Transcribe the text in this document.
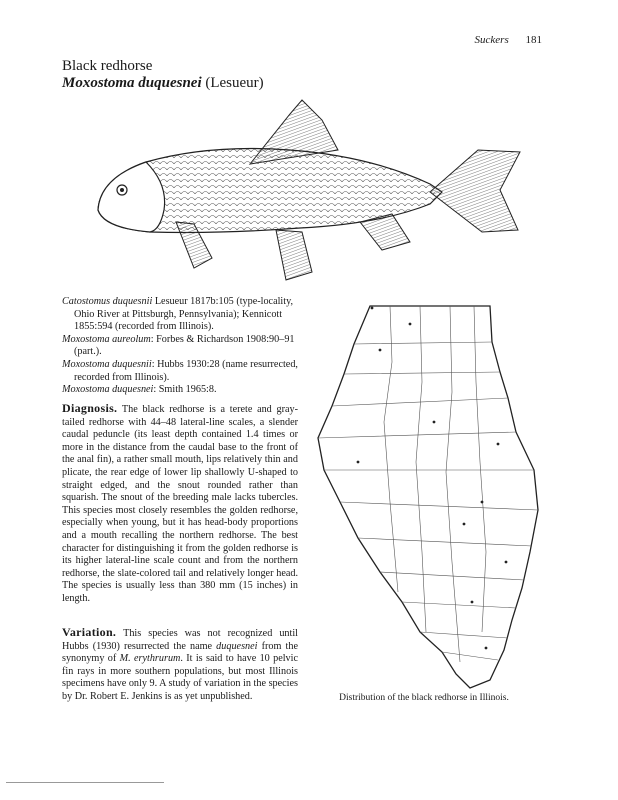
Suckers 181
Black redhorse
Moxostoma duquesnei (Lesueur)

Catostomus duquesnii Lesueur 1817b:105 (type-locality, Ohio River at Pittsburgh, Pennsylvania); Kennicott 1855:594 (recorded from Illinois).

Moxostoma aureolum: Forbes & Richardson 1908:90–91 (part.).

Moxostoma duquesnii: Hubbs 1930:28 (name resurrected, recorded from Illinois).

Moxostoma duquesnei: Smith 1965:8.

Diagnosis. The black redhorse is a terete and gray-tailed redhorse with 44–48 lateral-line scales, a slender caudal peduncle (its least depth contained 1.4 times or more in the distance from the caudal base to the front of the anal fin), a rather small mouth, lips relatively thin and plicate, the rear edge of lower lip shallowly U-shaped to straight edged, and the snout rounded rather than squarish. The snout of the breeding male lacks tubercles. This species most closely resembles the golden redhorse, especially when young, but it has head-body proportions and a mouth recalling the northern redhorse. The best character for distinguishing it from the golden redhorse is its higher lateral-line scale count and from the northern redhorse, the slate-colored tail and relatively longer head. The species is usually less than 380 mm (15 inches) in length.

Variation. This species was not recognized until Hubbs (1930) resurrected the name duquesnei from the synonymy of M. erythrurum. It is said to have 10 pelvic fin rays in more southern populations, but most Illinois specimens have only 9. A study of variation in the species by Dr. Robert E. Jenkins is as yet unpublished.	Distribution of the black redhorse in Illinois.
